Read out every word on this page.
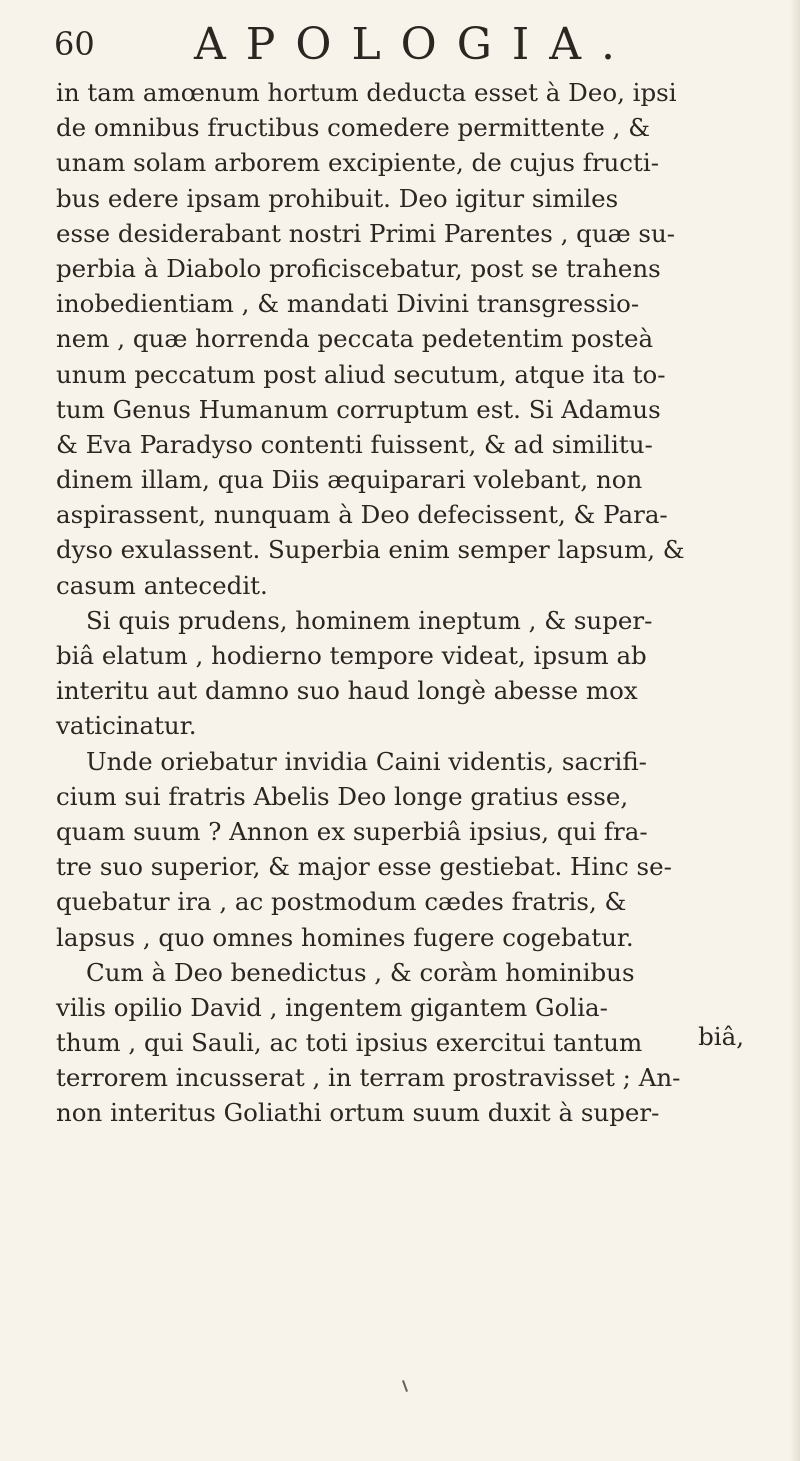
60	APOLOGIA.
in tam amœnum hortum deducta esset à Deo, ipsi
de omnibus fructibus comedere permittente , &
unam solam arborem excipiente, de cujus fructi-
bus edere ipsam prohibuit. Deo igitur similes
esse desiderabant nostri Primi Parentes , quæ su-
perbia à Diabolo proficiscebatur, post se trahens
inobedientiam , & mandati Divini transgressio-
nem , quæ horrenda peccata pedetentim posteà
unum peccatum post aliud secutum, atque ita to-
tum Genus Humanum corruptum est. Si Adamus
& Eva Paradyso contenti fuissent, & ad similitu-
dinem illam, qua Diis æquiparari volebant, non
aspirassent, nunquam à Deo defecissent, & Para-
dyso exulassent. Superbia enim semper lapsum, &
casum antecedit.
Si quis prudens, hominem ineptum , & super-
biâ elatum , hodierno tempore videat, ipsum ab
interitu aut damno suo haud longè abesse mox
vaticinatur.
Unde oriebatur invidia Caini videntis, sacrifi-
cium sui fratris Abelis Deo longe gratius esse,
quam suum ? Annon ex superbiâ ipsius, qui fra-
tre suo superior, & major esse gestiebat. Hinc se-
quebatur ira , ac postmodum cædes fratris, &
lapsus , quo omnes homines fugere cogebatur.
Cum à Deo benedictus , & coràm hominibus
vilis opilio David , ingentem gigantem Golia-
thum , qui Sauli, ac toti ipsius exercitui tantum
terrorem incusserat , in terram prostravisset ; An-
non interitus Goliathi ortum suum duxit à super-
biâ,
